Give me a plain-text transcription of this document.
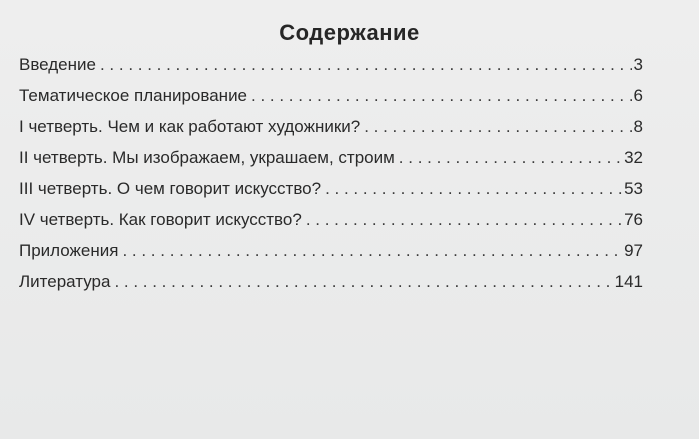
Содержание
Введение . . .	3
Тематическое планирование . . .	6
I четверть. Чем и как работают художники? . . .	8
II четверть. Мы изображаем, украшаем, строим . . .	32
III четверть. О чем говорит искусство? . . .	53
IV четверть. Как говорит искусство? . . .	76
Приложения . . .	97
Литература . . .	141
